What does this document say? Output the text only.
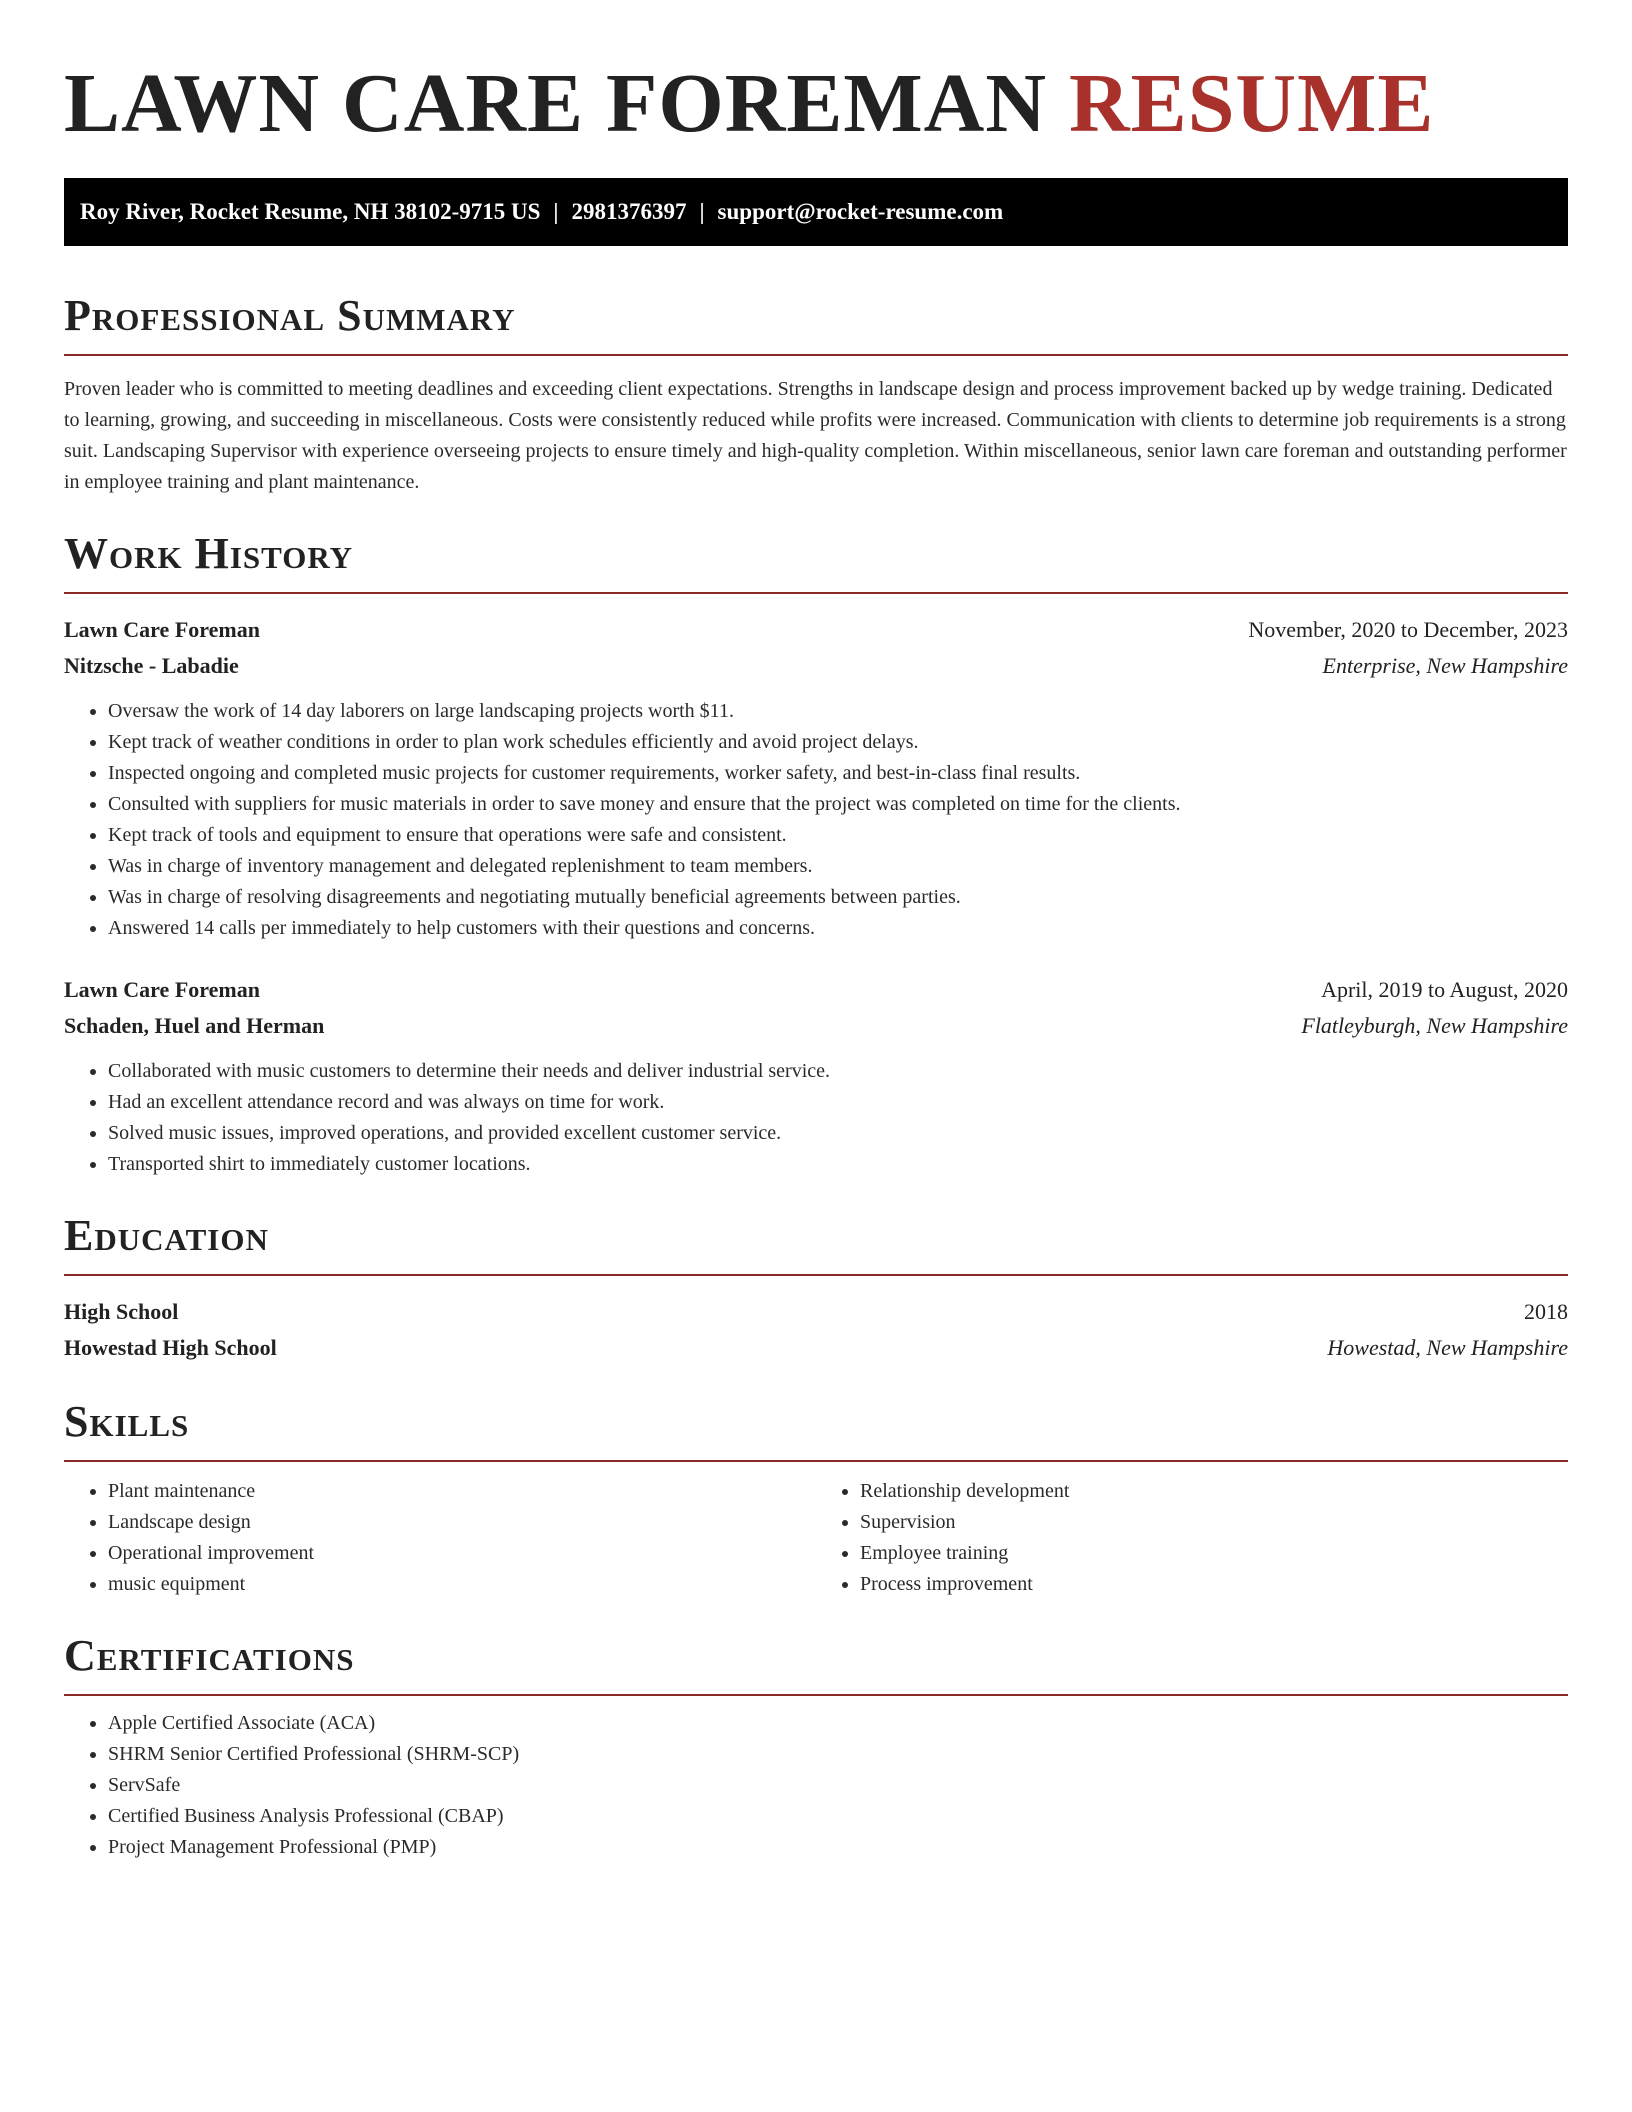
LAWN CARE FOREMAN RESUME
Roy River, Rocket Resume, NH 38102-9715 US | 2981376397 | support@rocket-resume.com
Professional Summary

Proven leader who is committed to meeting deadlines and exceeding client expectations. Strengths in landscape design and process improvement backed up by wedge training. Dedicated to learning, growing, and succeeding in miscellaneous. Costs were consistently reduced while profits were increased. Communication with clients to determine job requirements is a strong suit. Landscaping Supervisor with experience overseeing projects to ensure timely and high-quality completion. Within miscellaneous, senior lawn care foreman and outstanding performer in employee training and plant maintenance.

Work History
Lawn Care Foreman	November, 2020 to December, 2023
Nitzsche - Labadie	Enterprise, New Hampshire
• Oversaw the work of 14 day laborers on large landscaping projects worth $11.
• Kept track of weather conditions in order to plan work schedules efficiently and avoid project delays.
• Inspected ongoing and completed music projects for customer requirements, worker safety, and best-in-class final results.
• Consulted with suppliers for music materials in order to save money and ensure that the project was completed on time for the clients.
• Kept track of tools and equipment to ensure that operations were safe and consistent.
• Was in charge of inventory management and delegated replenishment to team members.
• Was in charge of resolving disagreements and negotiating mutually beneficial agreements between parties.
• Answered 14 calls per immediately to help customers with their questions and concerns.
Lawn Care Foreman	April, 2019 to August, 2020
Schaden, Huel and Herman	Flatleyburgh, New Hampshire
• Collaborated with music customers to determine their needs and deliver industrial service.
• Had an excellent attendance record and was always on time for work.
• Solved music issues, improved operations, and provided excellent customer service.
• Transported shirt to immediately customer locations.
Education
High School	2018
Howestad High School	Howestad, New Hampshire
Skills
• Plant maintenance
• Landscape design
• Operational improvement
• music equipment
• Relationship development
• Supervision
• Employee training
• Process improvement
Certifications
• Apple Certified Associate (ACA)
• SHRM Senior Certified Professional (SHRM-SCP)
• ServSafe
• Certified Business Analysis Professional (CBAP)
• Project Management Professional (PMP)
